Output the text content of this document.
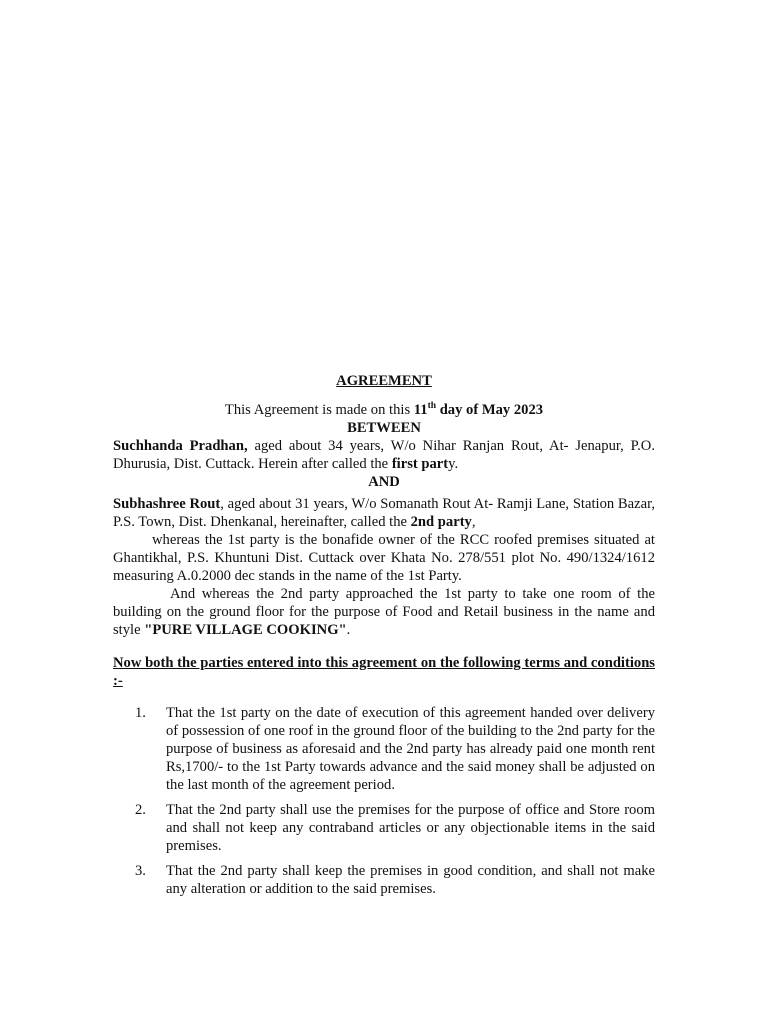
AGREEMENT

This Agreement is made on this 11th day of May 2023

BETWEEN

Suchhanda Pradhan, aged about 34 years, W/o Nihar Ranjan Rout, At- Jenapur, P.O. Dhurusia, Dist. Cuttack. Herein after called the first party.

AND

Subhashree Rout, aged about 31 years, W/o Somanath Rout At- Ramji Lane, Station Bazar, P.S. Town, Dist. Dhenkanal, hereinafter, called the 2nd party,

whereas the 1st party is the bonafide owner of the RCC roofed premises situated at Ghantikhal, P.S. Khuntuni Dist. Cuttack over Khata No. 278/551 plot No. 490/1324/1612 measuring A.0.2000 dec stands in the name of the 1st Party.

And whereas the 2nd party approached the 1st party to take one room of the building on the ground floor for the purpose of Food and Retail business in the name and style "PURE VILLAGE COOKING".

Now both the parties entered into this agreement on the following terms and conditions :-

1. That the 1st party on the date of execution of this agreement handed over delivery of possession of one roof in the ground floor of the building to the 2nd party for the purpose of business as aforesaid and the 2nd party has already paid one month rent Rs,1700/- to the 1st Party towards advance and the said money shall be adjusted on the last month of the agreement period.
2. That the 2nd party shall use the premises for the purpose of office and Store room and shall not keep any contraband articles or any objectionable items in the said premises.
3. That the 2nd party shall keep the premises in good condition, and shall not make any alteration or addition to the said premises.
